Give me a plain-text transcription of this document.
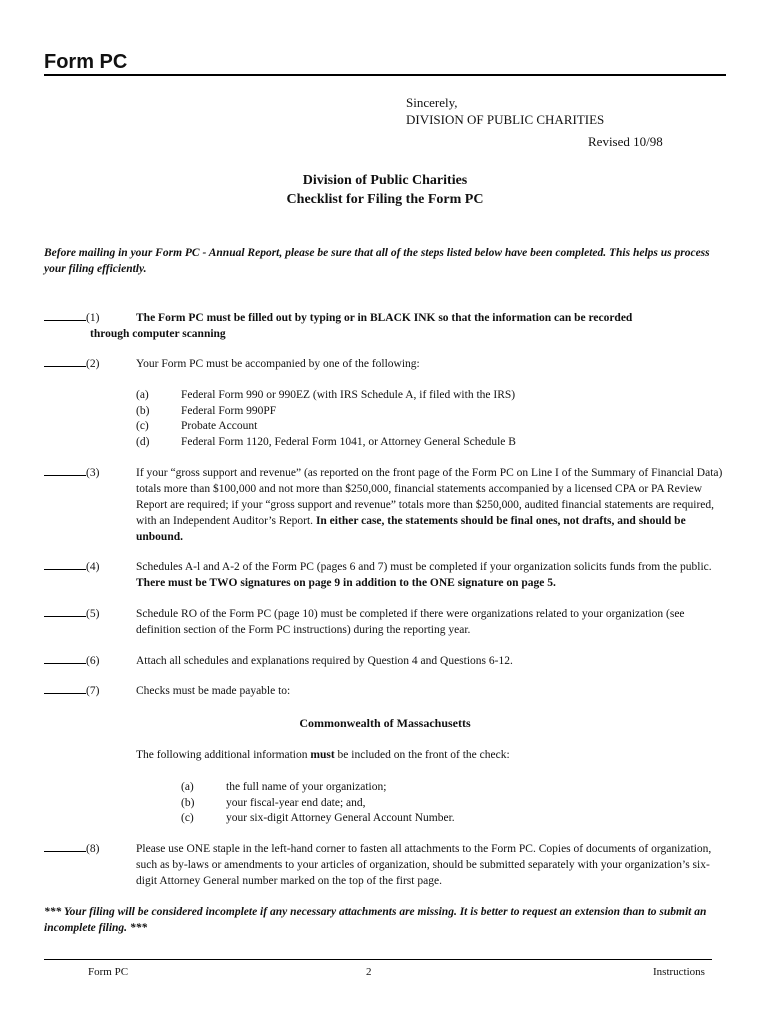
Form PC
Sincerely,
DIVISION OF PUBLIC CHARITIES
Revised 10/98
Division of Public Charities
Checklist for Filing the Form PC
Before mailing in your Form PC - Annual Report, please be sure that all of the steps listed below have been completed. This helps us process your filing efficiently.
(1)	The Form PC must be filled out by typing or in BLACK INK so that the information can be recorded
through computer scanning
(2)	Your Form PC must be accompanied by one of the following:
(a)	Federal Form 990 or 990EZ (with IRS Schedule A, if filed with the IRS)
(b)	Federal Form 990PF
(c)	Probate Account
(d)	Federal Form 1120, Federal Form 1041, or Attorney General Schedule B
(3)	If your “gross support and revenue” (as reported on the front page of the Form PC on Line I of the Summary of Financial Data) totals more than $100,000 and not more than $250,000, financial statements accompanied by a licensed CPA or PA Review Report are required; if your “gross support and revenue” totals more than $250,000, audited financial statements are required, with an Independent Auditor’s Report. In either case, the statements should be final ones, not drafts, and should be unbound.
(4)	Schedules A-l and A-2 of the Form PC (pages 6 and 7) must be completed if your organization solicits funds from the public. There must be TWO signatures on page 9 in addition to the ONE signature on page 5.
(5)	Schedule RO of the Form PC (page 10) must be completed if there were organizations related to your organization (see definition section of the Form PC instructions) during the reporting year.
(6)	Attach all schedules and explanations required by Question 4 and Questions 6-12.
(7)	Checks must be made payable to:
Commonwealth of Massachusetts
The following additional information must be included on the front of the check:
(a)	the full name of your organization;
(b)	your fiscal-year end date; and,
(c)	your six-digit Attorney General Account Number.
(8)	Please use ONE staple in the left-hand corner to fasten all attachments to the Form PC. Copies of documents of organization, such as by-laws or amendments to your articles of organization, should be submitted separately with your organization’s six-digit Attorney General number marked on the top of the first page.
*** Your filing will be considered incomplete if any necessary attachments are missing. It is better to request an extension than to submit an incomplete filing. ***
Form PC	2	Instructions
